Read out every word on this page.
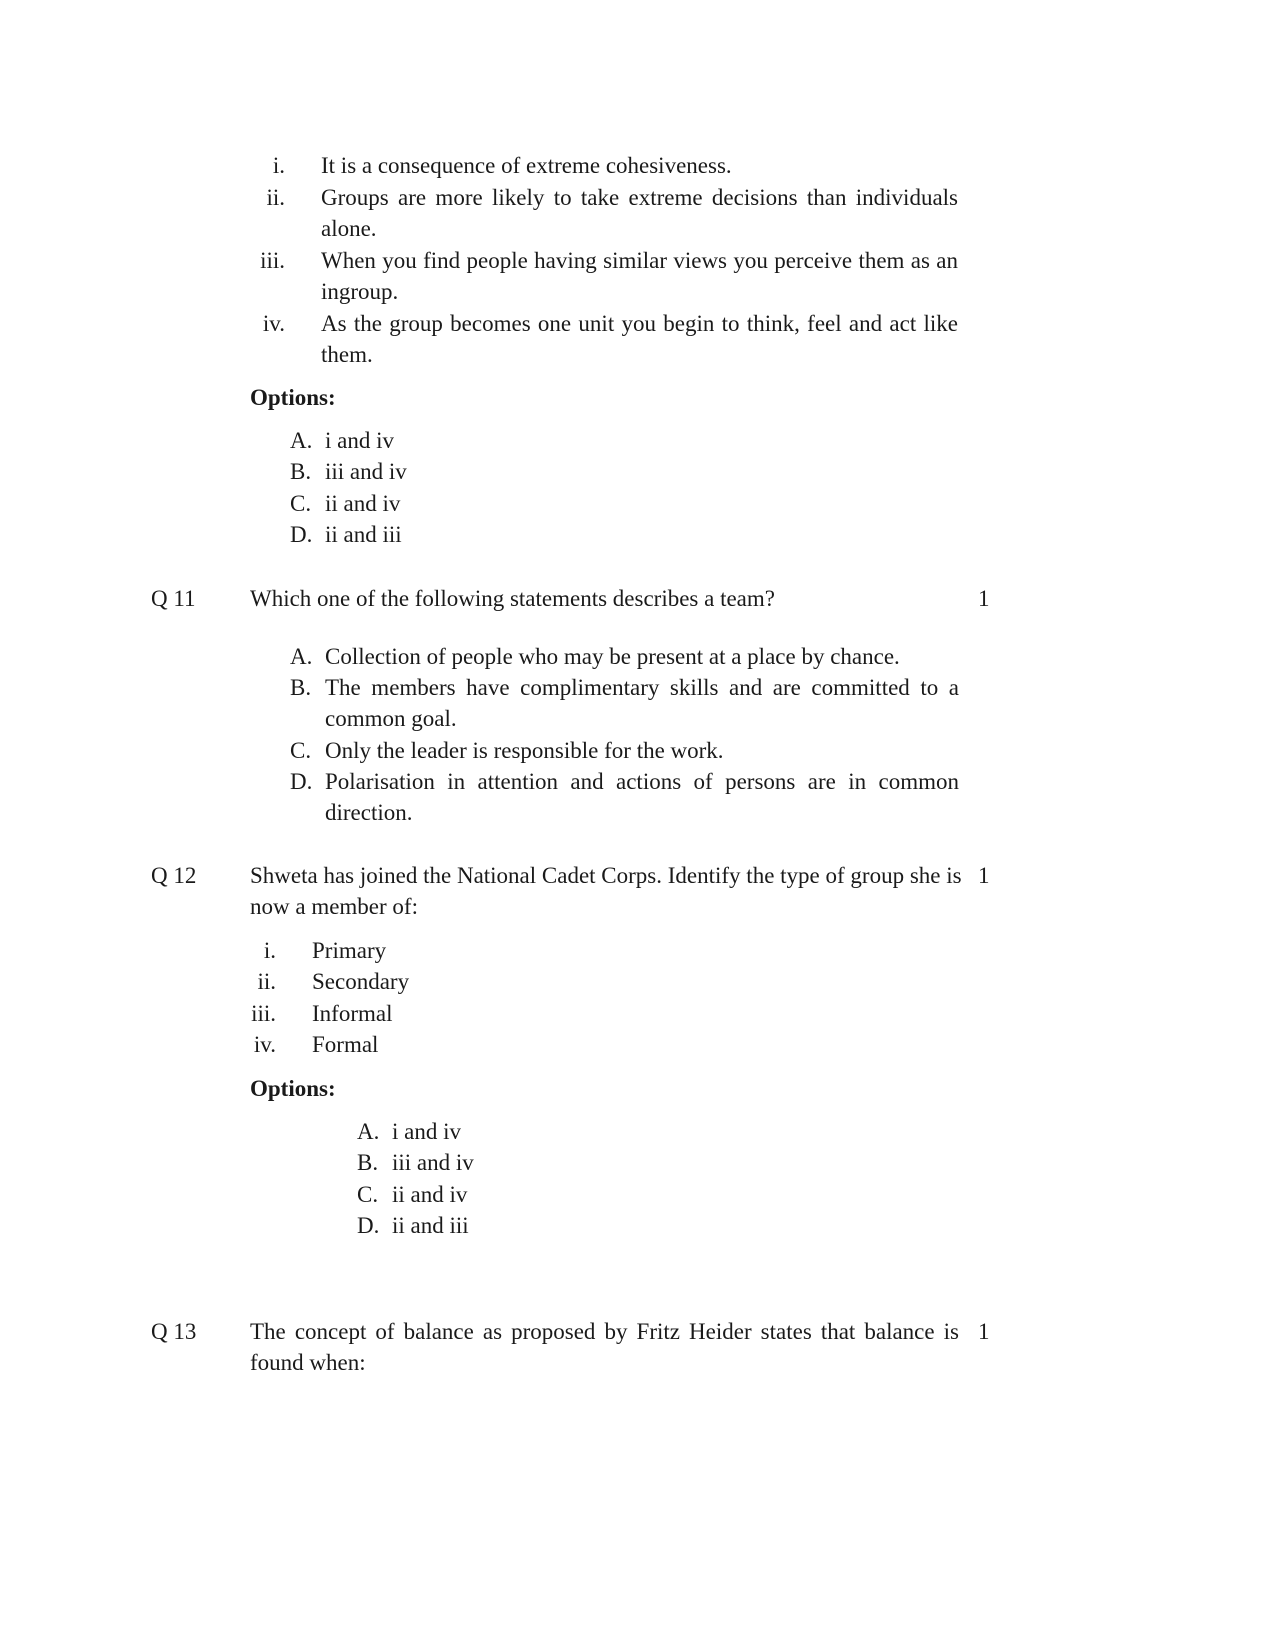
i. It is a consequence of extreme cohesiveness.
ii. Groups are more likely to take extreme decisions than individuals alone.
iii. When you find people having similar views you perceive them as an ingroup.
iv. As the group becomes one unit you begin to think, feel and act like them.
Options:
A. i and iv
B. iii and iv
C. ii and iv
D. ii and iii
Q 11 Which one of the following statements describes a team?	1
A. Collection of people who may be present at a place by chance.
B. The members have complimentary skills and are committed to a common goal.
C. Only the leader is responsible for the work.
D. Polarisation in attention and actions of persons are in common direction.
Q 12 Shweta has joined the National Cadet Corps. Identify the type of group she is now a member of:
1
i. Primary
ii. Secondary
iii. Informal
iv. Formal
Options:
A. i and iv
B. iii and iv
C. ii and iv
D. ii and iii
Q 13 The concept of balance as proposed by Fritz Heider states that balance is found when:
1
